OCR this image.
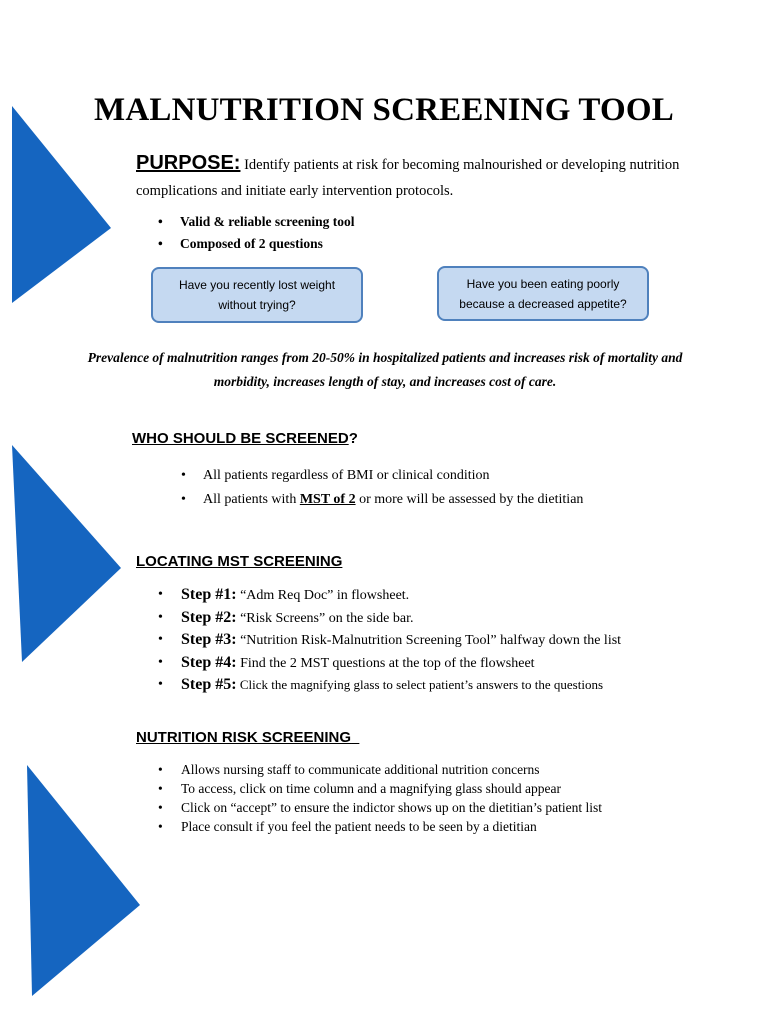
MALNUTRITION SCREENING TOOL
PURPOSE: Identify patients at risk for becoming malnourished or developing nutrition complications and initiate early intervention protocols.
• Valid & reliable screening tool
• Composed of 2 questions
Have you recently lost weight without trying?
Have you been eating poorly because a decreased appetite?
Prevalence of malnutrition ranges from 20-50% in hospitalized patients and increases risk of mortality and morbidity, increases length of stay, and increases cost of care.
WHO SHOULD BE SCREENED?
• All patients regardless of BMI or clinical condition
• All patients with MST of 2 or more will be assessed by the dietitian
LOCATING MST SCREENING
• Step #1: “Adm Req Doc” in flowsheet.
• Step #2: “Risk Screens” on the side bar.
• Step #3: “Nutrition Risk-Malnutrition Screening Tool” halfway down the list
• Step #4: Find the 2 MST questions at the top of the flowsheet
• Step #5: Click the magnifying glass to select patient’s answers to the questions
NUTRITION RISK SCREENING
• Allows nursing staff to communicate additional nutrition concerns
• To access, click on time column and a magnifying glass should appear
• Click on “accept” to ensure the indictor shows up on the dietitian’s patient list
• Place consult if you feel the patient needs to be seen by a dietitian
